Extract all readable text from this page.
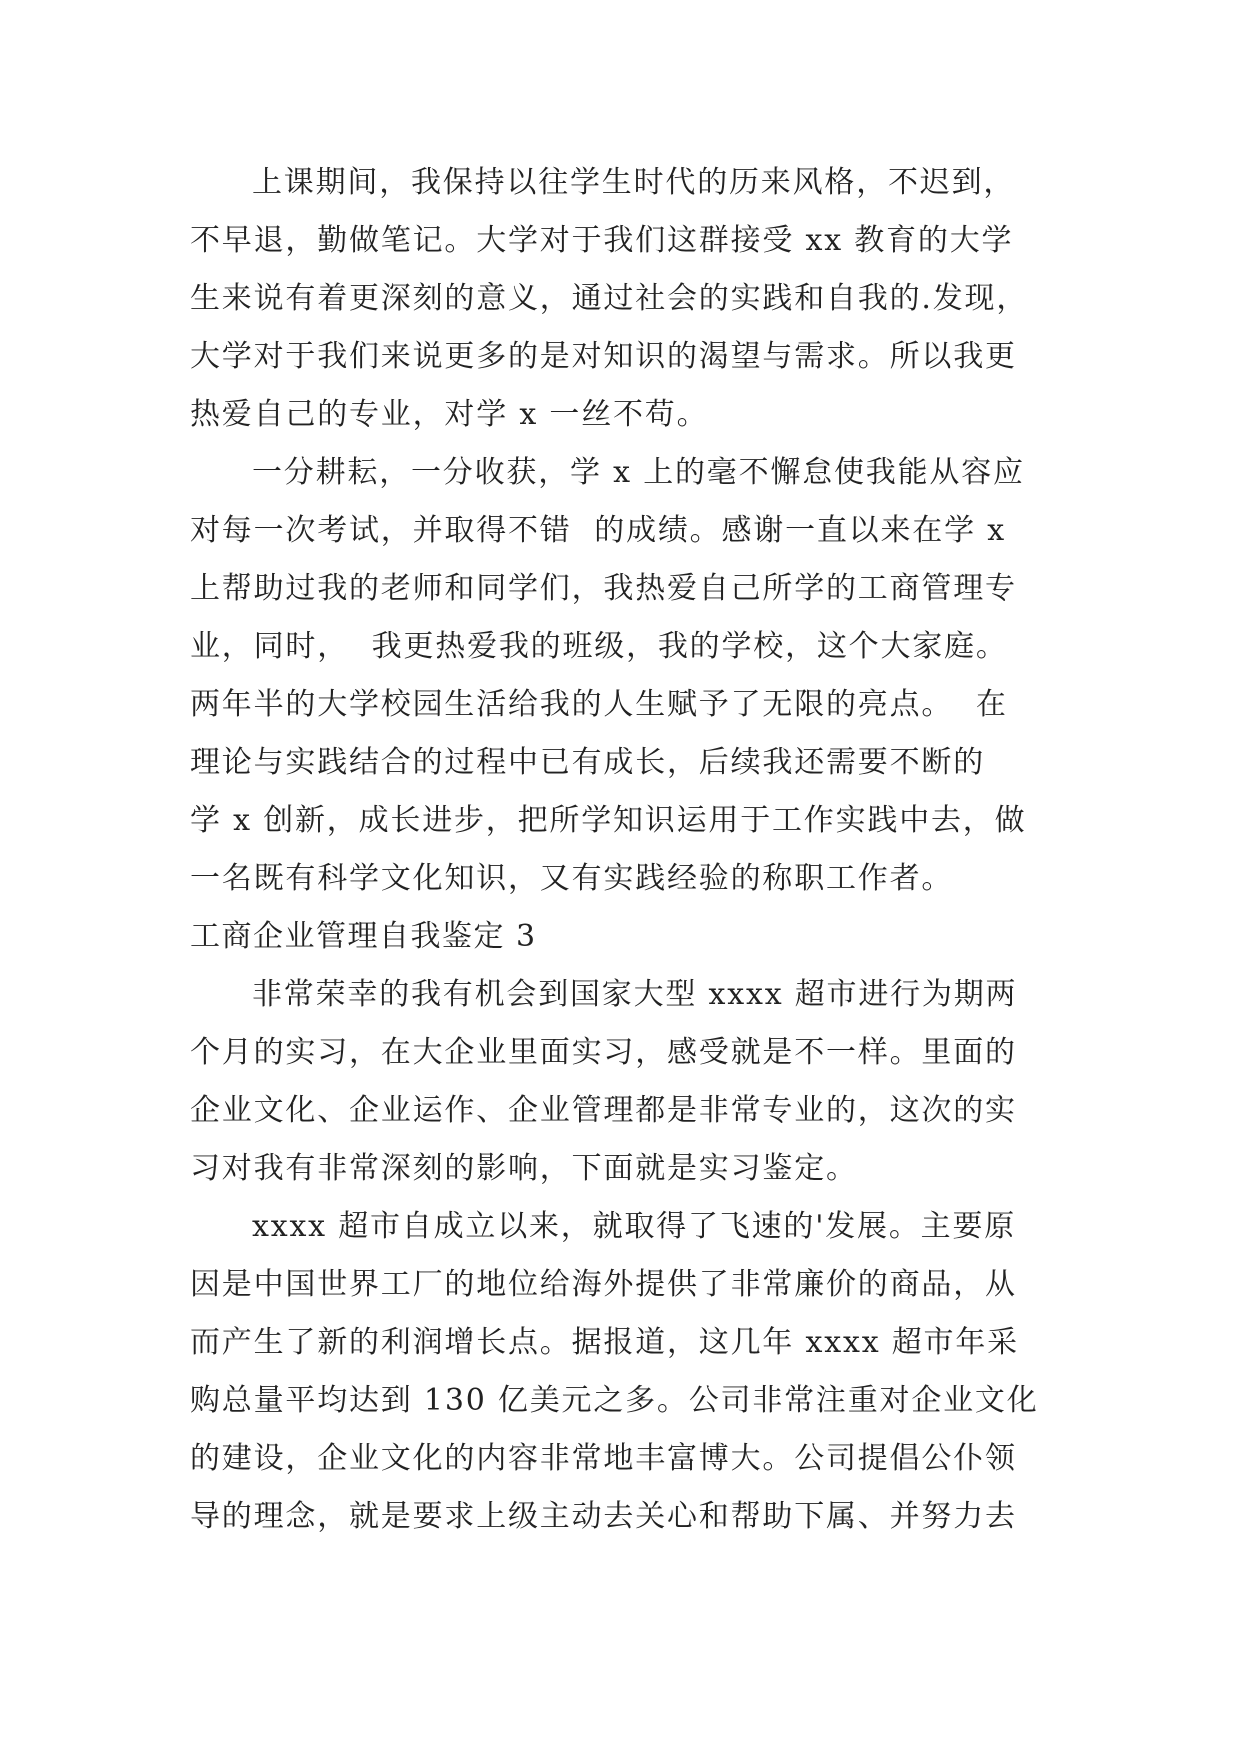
上课期间，我保持以往学生时代的历来风格，不迟到，
不早退，勤做笔记。大学对于我们这群接受 xx 教育的大学
生来说有着更深刻的意义，通过社会的实践和自我的.发现，
大学对于我们来说更多的是对知识的渴望与需求。所以我更
热爱自己的专业，对学 x 一丝不苟。
一分耕耘，一分收获，学 x 上的毫不懈怠使我能从容应
对每一次考试，并取得不错  的成绩。感谢一直以来在学 x
上帮助过我的老师和同学们，我热爱自己所学的工商管理专
业，同时，  我更热爱我的班级，我的学校，这个大家庭。
两年半的大学校园生活给我的人生赋予了无限的亮点。  在
理论与实践结合的过程中已有成长，后续我还需要不断的
学 x 创新，成长进步，把所学知识运用于工作实践中去，做
一名既有科学文化知识，又有实践经验的称职工作者。
工商企业管理自我鉴定 3
非常荣幸的我有机会到国家大型 xxxx 超市进行为期两
个月的实习，在大企业里面实习，感受就是不一样。里面的
企业文化、企业运作、企业管理都是非常专业的，这次的实
习对我有非常深刻的影响，下面就是实习鉴定。
xxxx 超市自成立以来，就取得了飞速的'发展。主要原
因是中国世界工厂的地位给海外提供了非常廉价的商品，从
而产生了新的利润增长点。据报道，这几年 xxxx 超市年采
购总量平均达到 130 亿美元之多。公司非常注重对企业文化
的建设，企业文化的内容非常地丰富博大。公司提倡公仆领
导的理念，就是要求上级主动去关心和帮助下属、并努力去
